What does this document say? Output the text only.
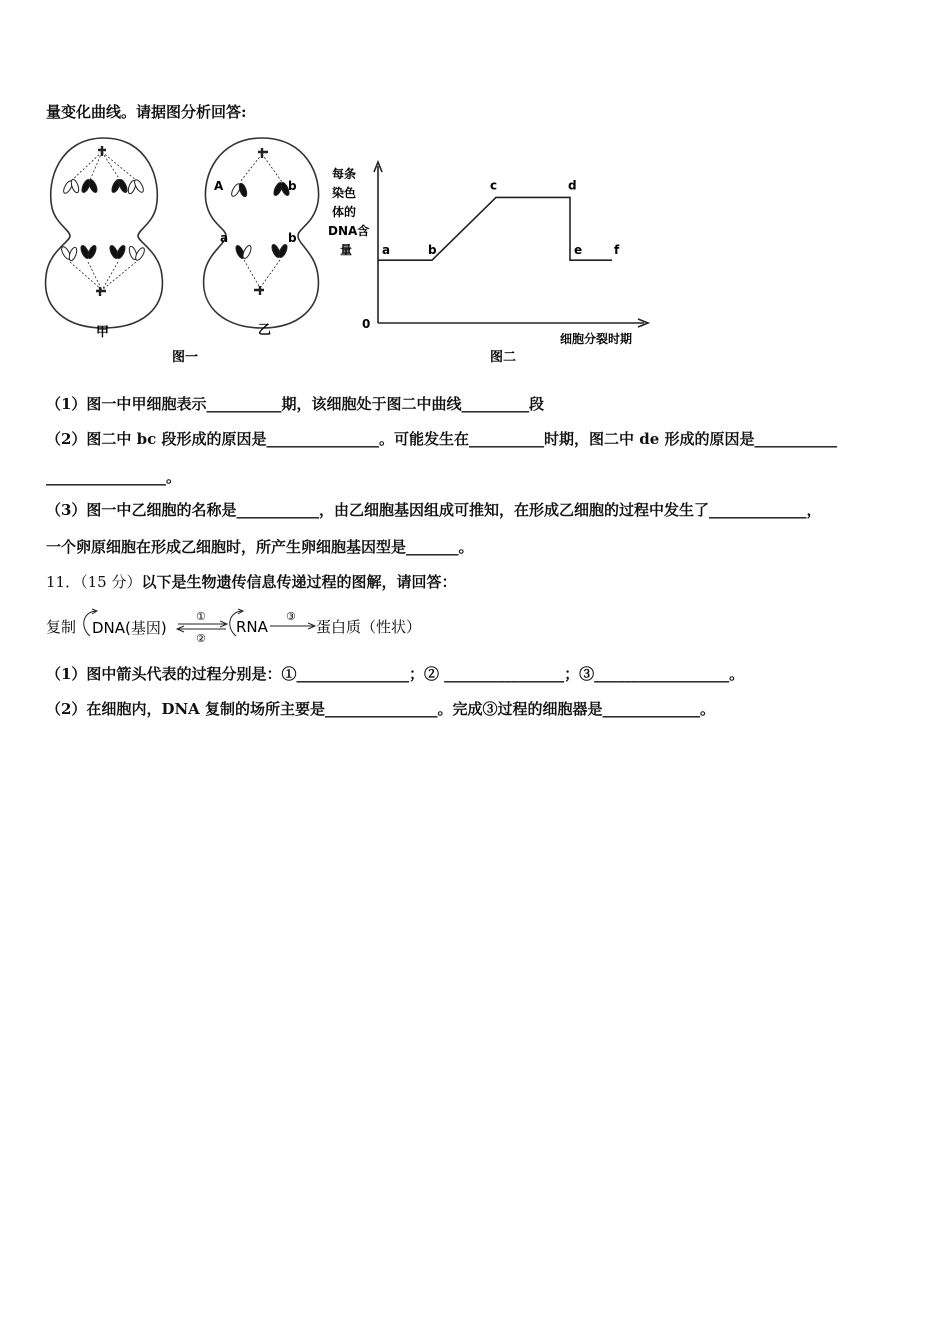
量变化曲线。请据图分析回答:
甲
A	b
a	b
乙
图一
每条
染色
体的
DNA含
量
0
细胞分裂时期
a	b
c	d
e	f
图二
（1）图一中甲细胞表示__________期，该细胞处于图二中曲线_________段
（2）图二中 bc 段形成的原因是_______________。可能发生在__________时期，图二中 de 形成的原因是___________
________________。
（3）图一中乙细胞的名称是___________，由乙细胞基因组成可推知，在形成乙细胞的过程中发生了_____________，
一个卵原细胞在形成乙细胞时，所产生卵细胞基因型是_______。
11．（15 分）以下是生物遗传信息传递过程的图解，请回答：
复制 DNA(基因)
①
②
RNA
③
蛋白质（性状）
（1）图中箭头代表的过程分别是：①_______________；② ________________；③__________________。
（2）在细胞内，DNA 复制的场所主要是_______________。完成③过程的细胞器是_____________。
